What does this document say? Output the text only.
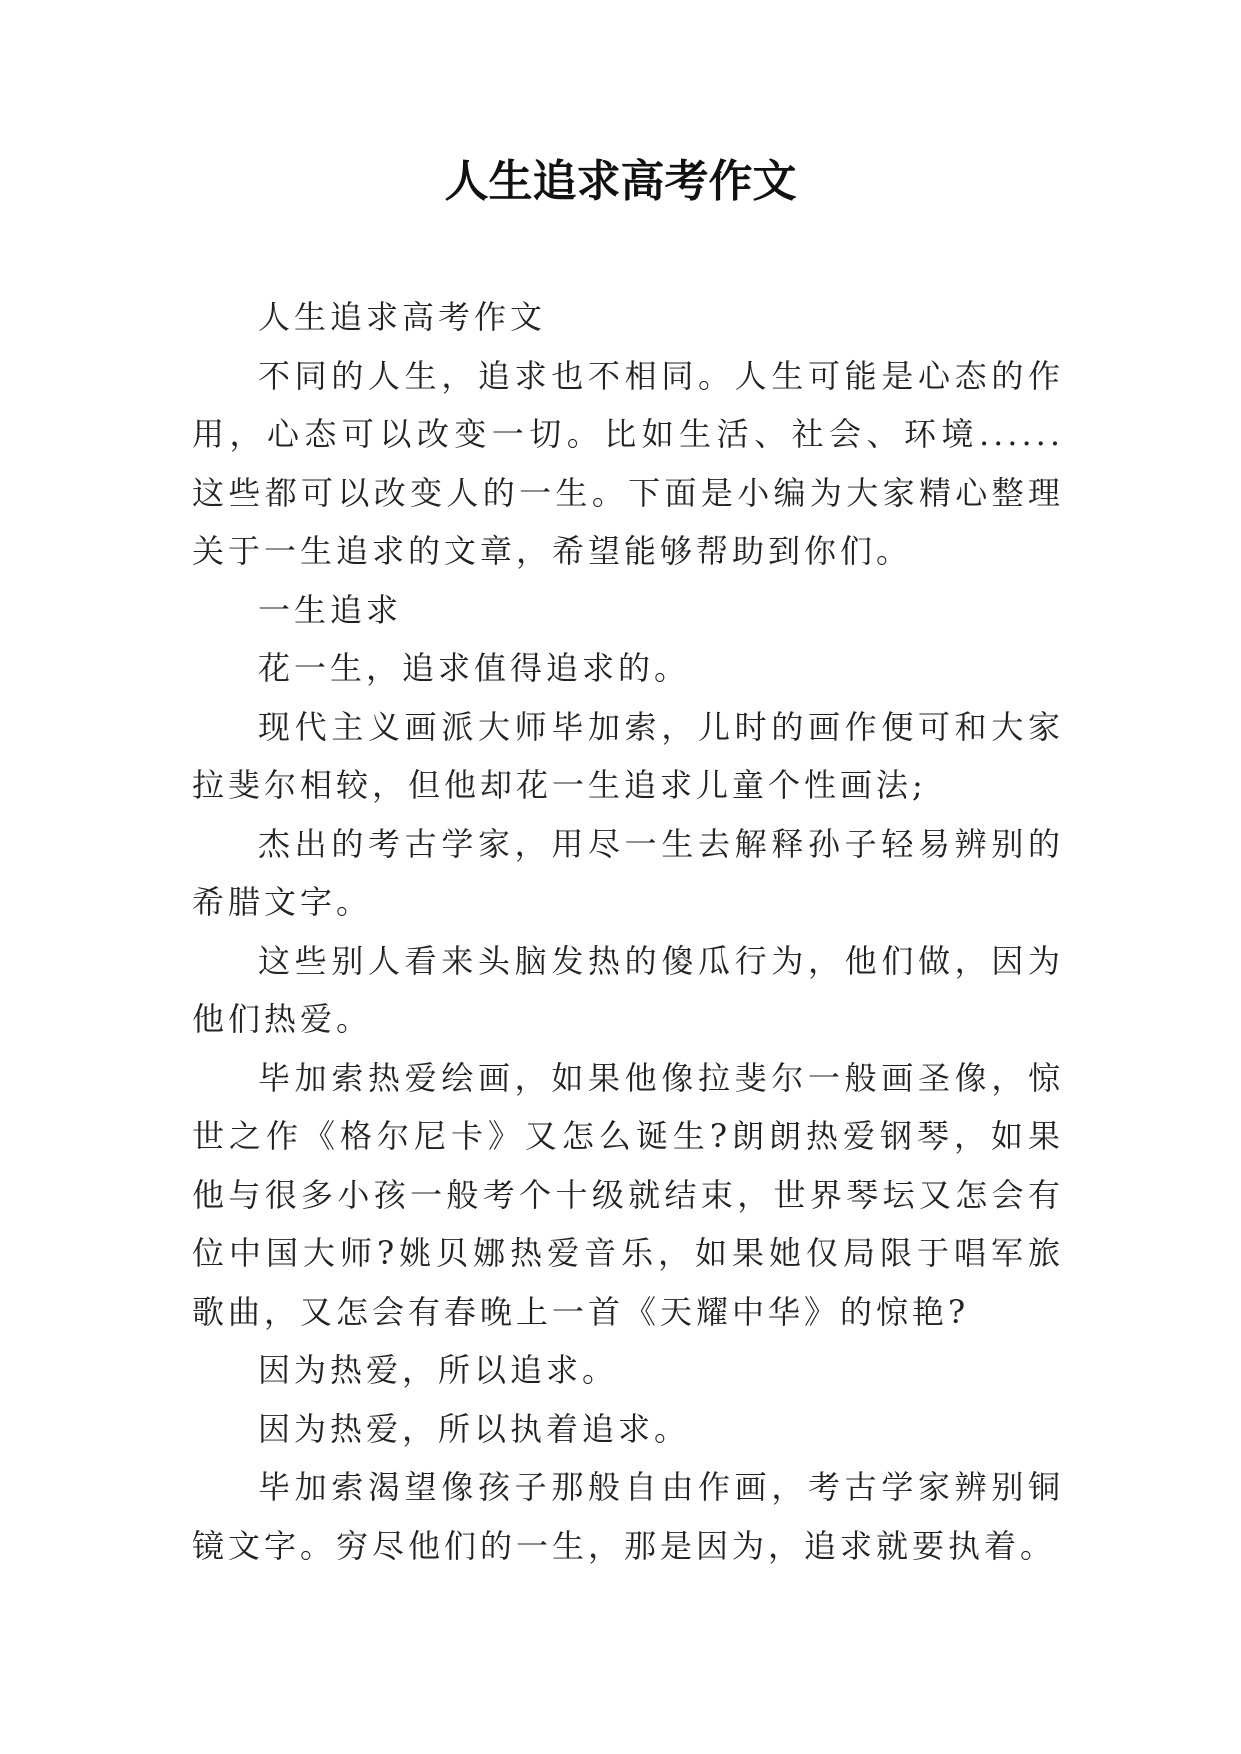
人生追求高考作文

人生追求高考作文

不同的人生，追求也不相同。人生可能是心态的作用，心态可以改变一切。比如生活、社会、环境......这些都可以改变人的一生。下面是小编为大家精心整理关于一生追求的文章，希望能够帮助到你们。

一生追求

花一生，追求值得追求的。

现代主义画派大师毕加索，儿时的画作便可和大家拉斐尔相较，但他却花一生追求儿童个性画法;

杰出的考古学家，用尽一生去解释孙子轻易辨别的希腊文字。

这些别人看来头脑发热的傻瓜行为，他们做，因为他们热爱。

毕加索热爱绘画，如果他像拉斐尔一般画圣像，惊世之作《格尔尼卡》又怎么诞生?朗朗热爱钢琴，如果他与很多小孩一般考个十级就结束，世界琴坛又怎会有位中国大师?姚贝娜热爱音乐，如果她仅局限于唱军旅歌曲，又怎会有春晚上一首《天耀中华》的惊艳?

因为热爱，所以追求。

因为热爱，所以执着追求。

毕加索渴望像孩子那般自由作画，考古学家辨别铜镜文字。穷尽他们的一生，那是因为，追求就要执着。
